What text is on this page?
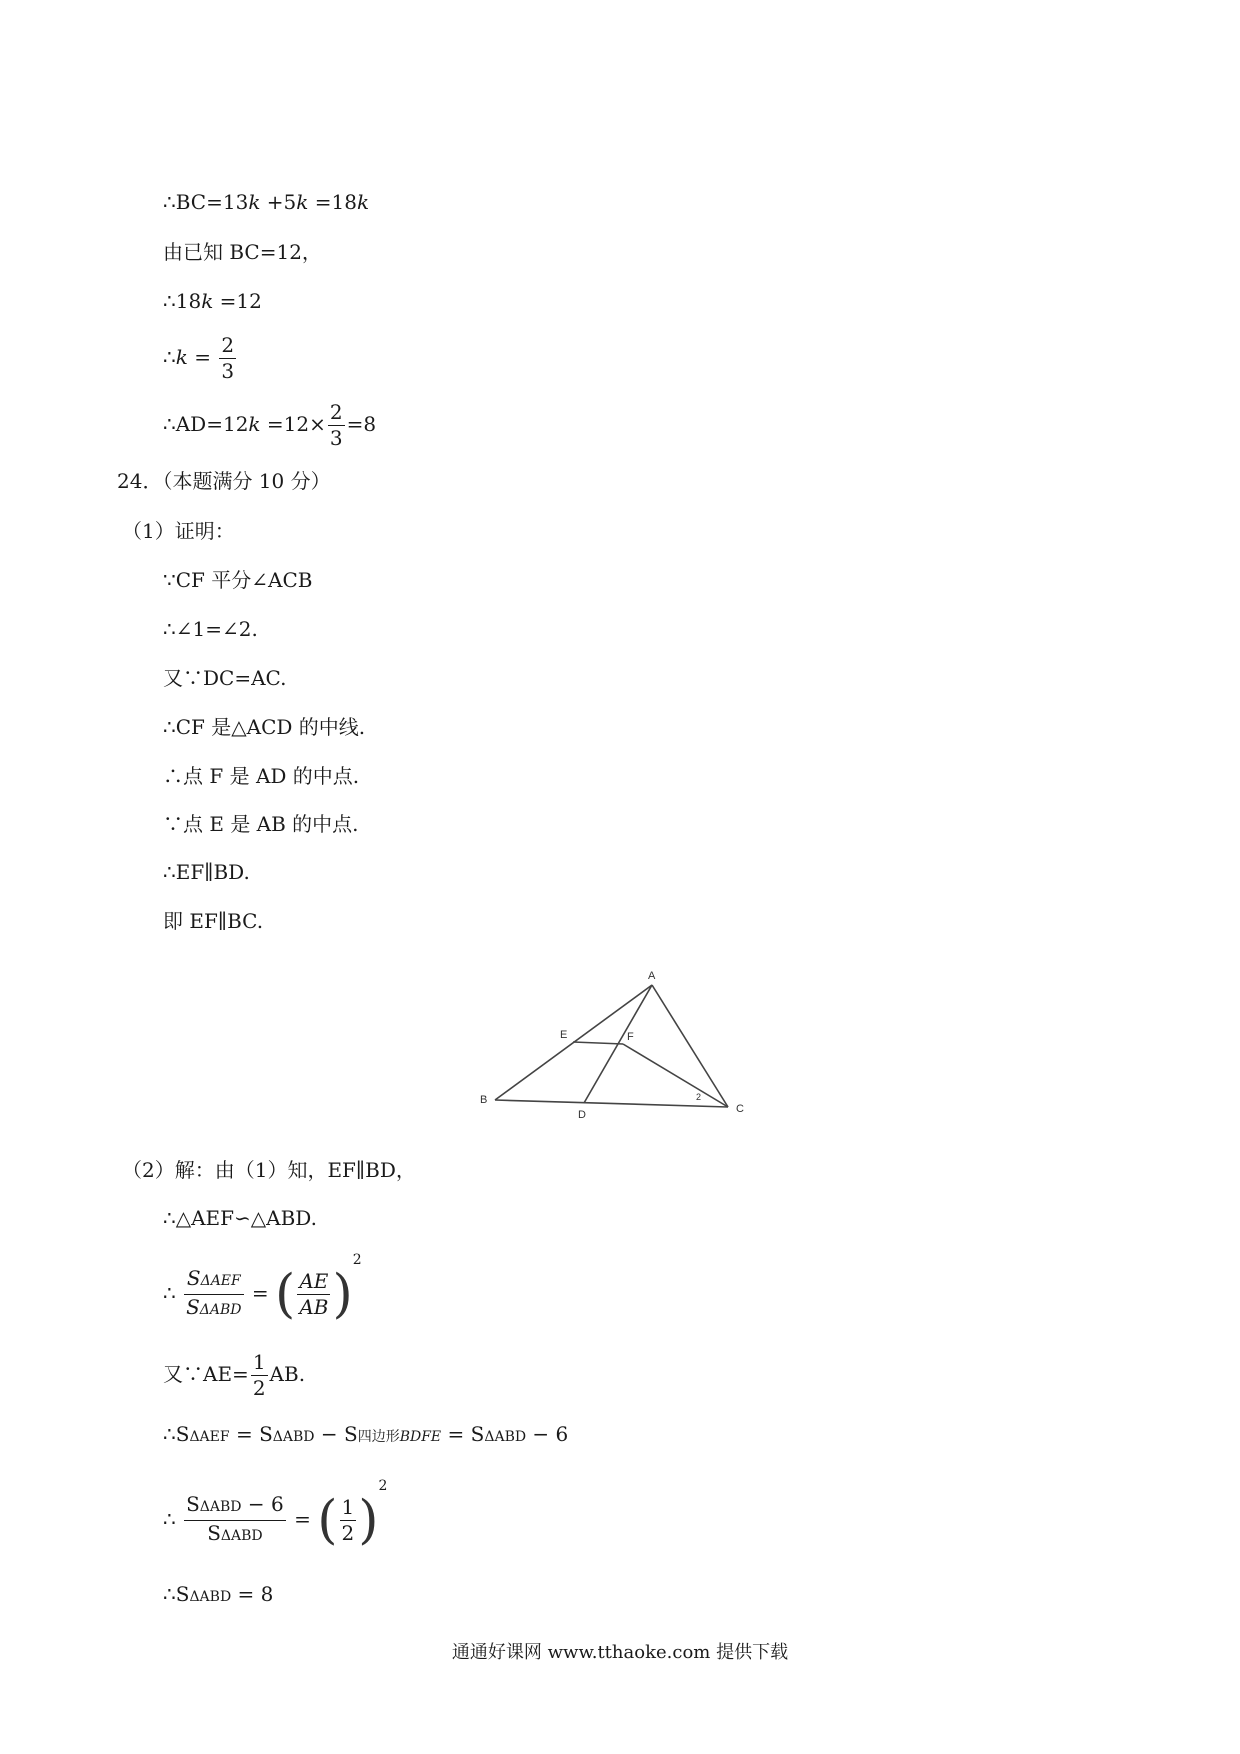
∴BC=13k +5k =18k
由已知 BC=12，
∴18k =12
∴k = $\frac{2}{3}$
∴AD=12k $=12\times \frac{2}{3} =8$
24．（本题满分 10 分）
（1）证明：
∵CF 平分∠ACB
∴∠1=∠2.
又∵DC=AC.
∴CF 是△ACD 的中线.
∴点 F 是 AD 的中点.
∵点 E 是 AB 的中点.
∴EF∥BD.
即 EF∥BC.
A
E	F
B
D	C
2
（2）解：由（1）知，EF∥BD，
∴△AEF∽△ABD.
∴ $\frac{\text{SΔAEF}}{\text{SΔABD}}$ = ( $\frac{AE}{AB} )^2$
又∵AE= $\frac{1}{2}$ AB.
∴SΔAEF = SΔABD − S四边形BDFE = SΔABD − 6
∴ $\frac{\text{SΔABD − 6}}{\text{SΔABD}}$ = ( $\frac{1}{2} )^2$
∴SΔABD = 8
通通好课网 www.tthaoke.com 提供下载
